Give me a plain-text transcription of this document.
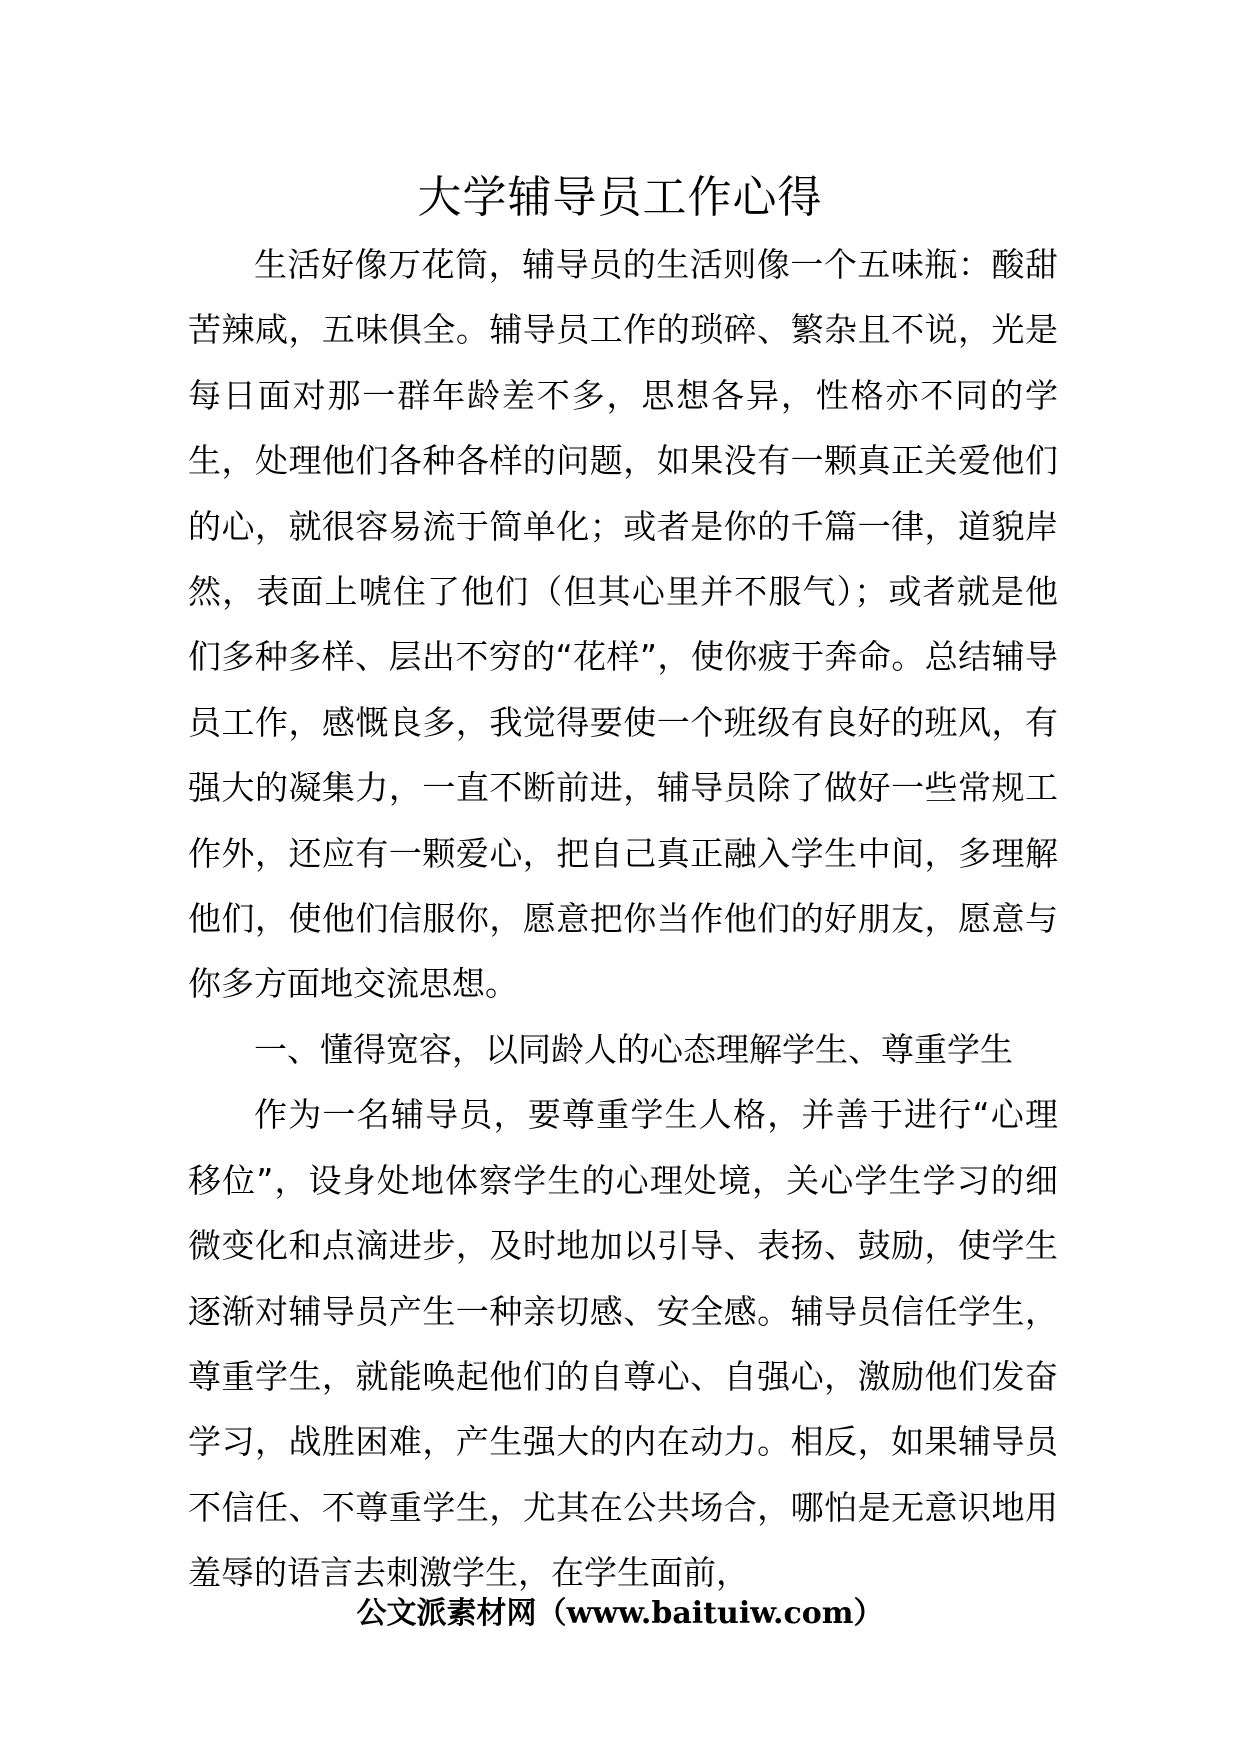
大学辅导员工作心得

生活好像万花筒，辅导员的生活则像一个五味瓶：酸甜苦辣咸，五味俱全。辅导员工作的琐碎、繁杂且不说，光是每日面对那一群年龄差不多，思想各异，性格亦不同的学生，处理他们各种各样的问题，如果没有一颗真正关爱他们的心，就很容易流于简单化；或者是你的千篇一律，道貌岸然，表面上唬住了他们（但其心里并不服气）；或者就是他们多种多样、层出不穷的“花样”，使你疲于奔命。总结辅导员工作，感慨良多，我觉得要使一个班级有良好的班风，有强大的凝集力，一直不断前进，辅导员除了做好一些常规工作外，还应有一颗爱心，把自己真正融入学生中间，多理解他们，使他们信服你，愿意把你当作他们的好朋友，愿意与你多方面地交流思想。

一、懂得宽容，以同龄人的心态理解学生、尊重学生

作为一名辅导员，要尊重学生人格，并善于进行“心理移位”，设身处地体察学生的心理处境，关心学生学习的细微变化和点滴进步，及时地加以引导、表扬、鼓励，使学生逐渐对辅导员产生一种亲切感、安全感。辅导员信任学生，尊重学生，就能唤起他们的自尊心、自强心，激励他们发奋学习，战胜困难，产生强大的内在动力。相反，如果辅导员不信任、不尊重学生，尤其在公共场合，哪怕是无意识地用羞辱的语言去刺激学生，在学生面前，

公文派素材网（www.baituiw.com）
